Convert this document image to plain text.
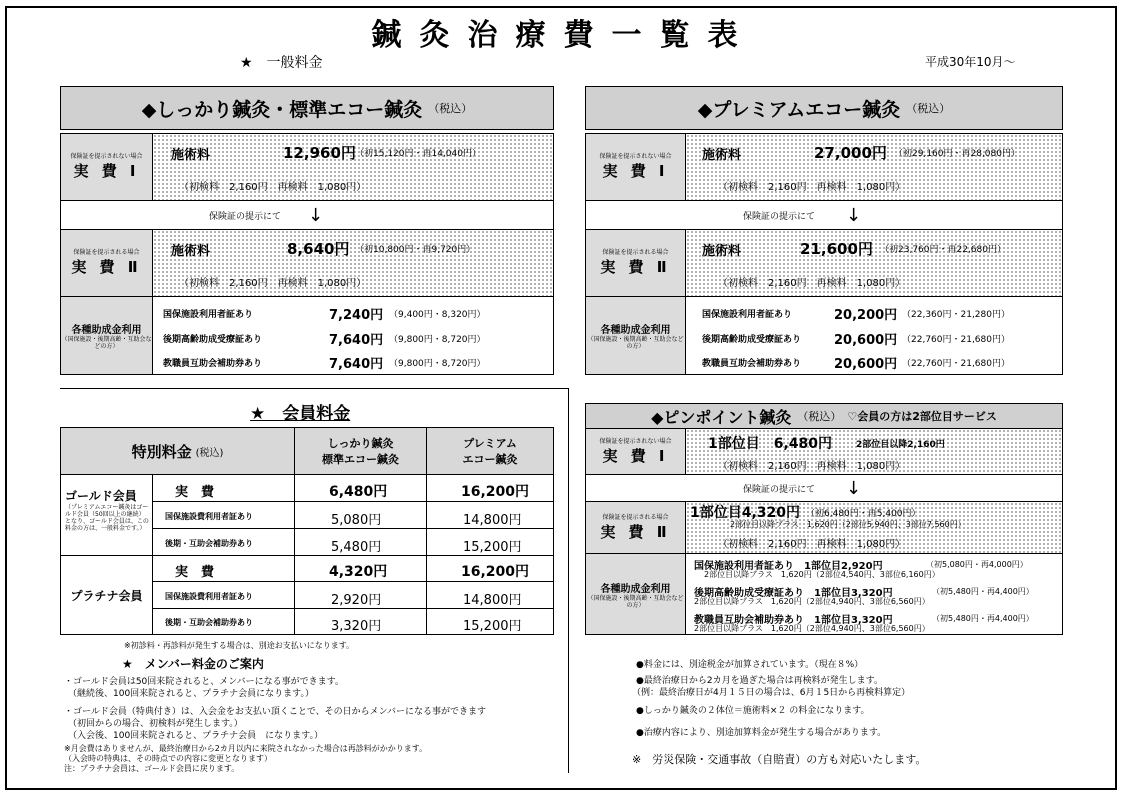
鍼灸治療費一覧表
★　一般料金	平成30年10月～
◆しっかり鍼灸・標準エコー鍼灸 （税込）
保険証を提示されない場合
実 費 Ⅰ
施術料	12,960円 （初15,120円・再14,040円）
（初検料　2,160円　再検料　1,080円）
保険証の提示にて ↓
保険証を提示される場合
実 費 Ⅱ
施術料	8,640円 （初10,800円・再9,720円）
（初検料　2,160円　再検料　1,080円）
各種助成金利用
（国保施設・後期高齢・互助会などの方）
国保施設利用者証あり	7,240円 （9,400円・8,320円）
後期高齢助成受療証あり	7,640円 （9,800円・8,720円）
教職員互助会補助券あり	7,640円 （9,800円・8,720円）
◆プレミアムエコー鍼灸 （税込）
保険証を提示されない場合
実 費 Ⅰ
施術料	27,000円 （初29,160円・再28,080円）
（初検料　2,160円　再検料　1,080円）
保険証の提示にて ↓
保険証を提示される場合
実 費 Ⅱ
施術料	21,600円 （初23,760円・再22,680円）
（初検料　2,160円　再検料　1,080円）
各種助成金利用
（国保施設・後期高齢・互助会などの方）
国保施設利用者証あり	20,200円 （22,360円・21,280円）
後期高齢助成受療証あり	20,600円 （22,760円・21,680円）
教職員互助会補助券あり	20,600円 （22,760円・21,680円）
★　会員料金
特別料金 (税込)
しっかり鍼灸
標準エコー鍼灸
プレミアム
エコー鍼灸
ゴールド会員
（プレミアムエコー鍼灸はゴールド会員（50回以上の継続）となり、ゴールド会員は、この料金の方は、一般料金です。）
実　費	6,480円	16,200円
国保施設費利用者証あり	5,080円	14,800円
後期・互助会補助券あり	5,480円	15,200円
プラチナ会員
実　費	4,320円	16,200円
国保施設費利用者証あり	2,920円	14,800円
後期・互助会補助券あり	3,320円	15,200円
※初診料・再診料が発生する場合は、別途お支払いになります。
★　メンバー料金のご案内
・ゴールド会員は50回来院されると、メンバーになる事ができます。
（継続後、100回来院されると、プラチナ会員になります。）
・ゴールド会員（特典付き）は、入会金をお支払い頂くことで、その日からメンバーになる事ができます
（初回からの場合、初検料が発生します。）
（入会後、100回来院されると、プラチナ会員　になります。）
※月会費はありませんが、最終治療日から2カ月以内に来院されなかった場合は再診料がかかります。
（入会時の特典は、その時点での内容に変更となります）
注：プラチナ会員は、ゴールド会員に戻ります。
◆ピンポイント鍼灸 （税込） ♡会員の方は2部位目サービス
保険証を提示されない場合
実 費 Ⅰ
1部位目　6,480円	2部位目以降2,160円
（初検料　2,160円　再検料　1,080円）
保険証の提示にて ↓
保険証を提示される場合
実 費 Ⅱ
1部位目4,320円 （初6,480円・再5,400円）
2部位目以降プラス　1,620円（2部位5,940円、3部位7,560円）
（初検料　2,160円　再検料　1,080円）
各種助成金利用
（国保施設・後期高齢・互助会などの方）
国保施設利用者証あり　1部位目2,920円	（初5,080円・再4,000円）
2部位目以降プラス　1,620円（2部位4,540円、3部位6,160円）
後期高齢助成受療証あり　1部位目3,320円	（初5,480円・再4,400円）
2部位目以降プラス　1,620円（2部位4,940円、3部位6,560円）
教職員互助会補助券あり　1部位目3,320円	（初5,480円・再4,400円）
2部位目以降プラス　1,620円（2部位4,940円、3部位6,560円）
●料金には、別途税金が加算されています。（現在８%）
●最終治療日から2カ月を過ぎた場合は再検料が発生します。
（例：最終治療日が4月１５日の場合は、6月１5日から再検料算定）
●しっかり鍼灸の２体位＝施術料×２ の料金になります。
●治療内容により、別途加算料金が発生する場合があります。
※　労災保険・交通事故（自賠責）の方も対応いたします。
